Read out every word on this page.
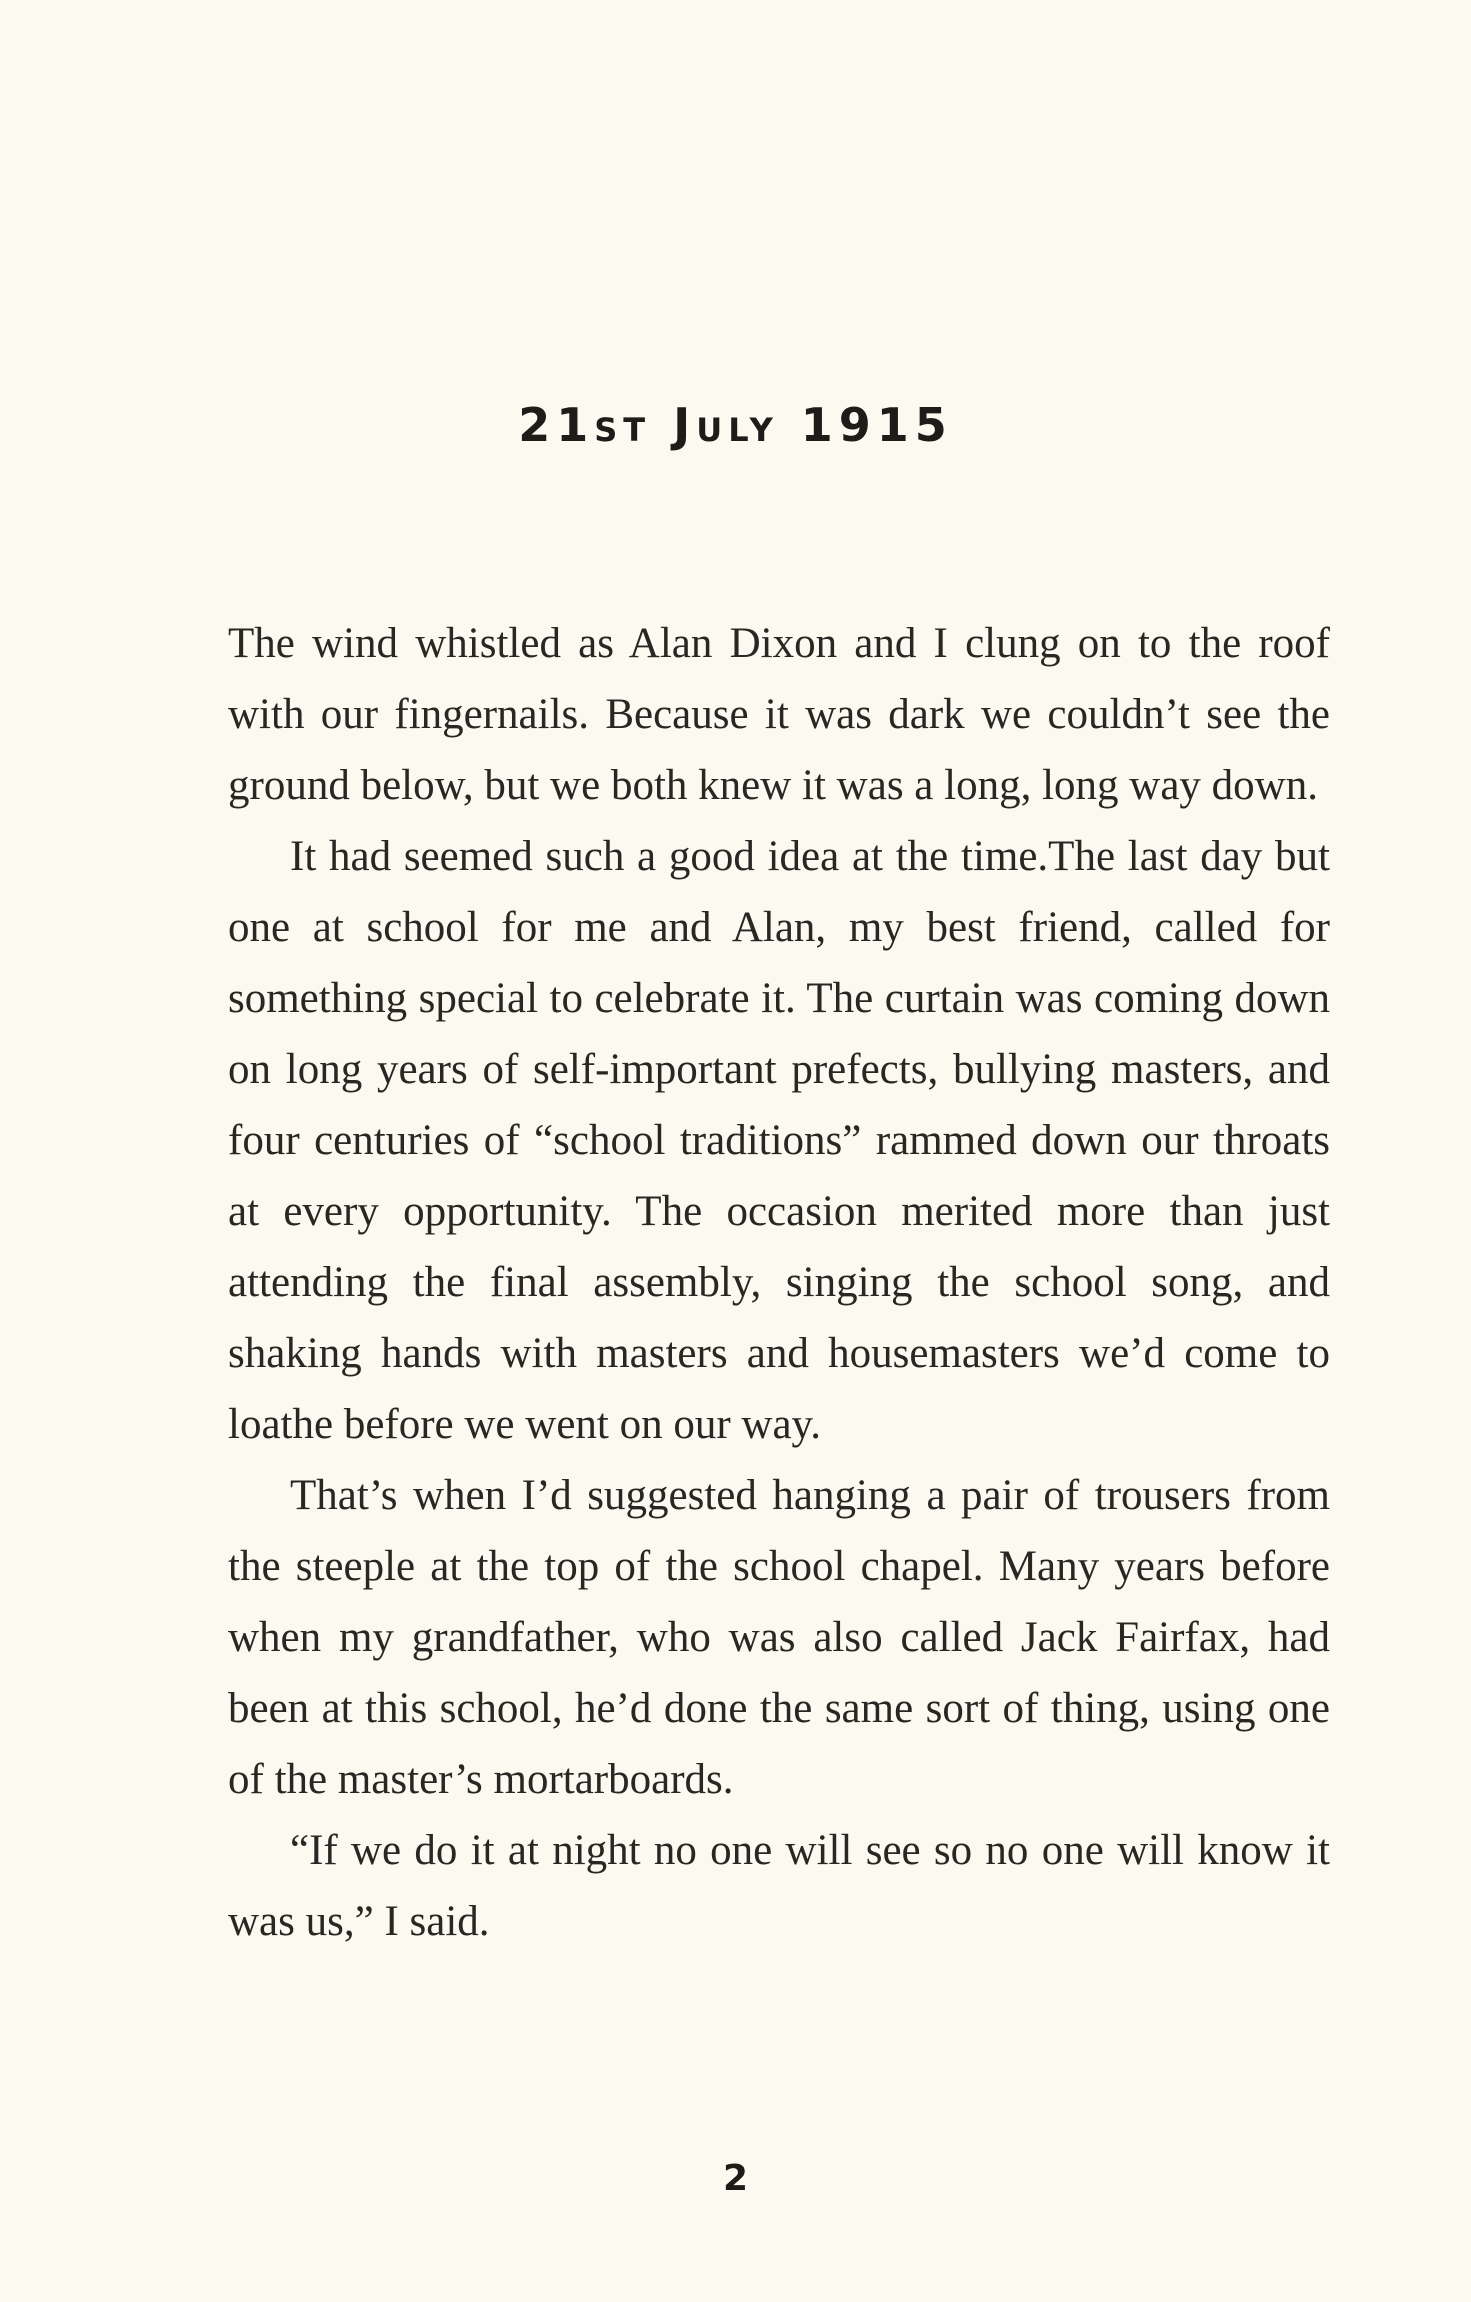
21st July 1915

The wind whistled as Alan Dixon and I clung on to the roof with our fingernails. Because it was dark we couldn’t see the ground below, but we both knew it was a long, long way down.

It had seemed such a good idea at the time.The last day but one at school for me and Alan, my best friend, called for something special to celebrate it. The curtain was coming down on long years of self-important prefects, bullying masters, and four centuries of “school traditions” rammed down our throats at every opportunity. The occasion merited more than just attending the final assembly, singing the school song, and shaking hands with masters and housemasters we’d come to loathe before we went on our way.

That’s when I’d suggested hanging a pair of trousers from the steeple at the top of the school chapel. Many years before when my grandfather, who was also called Jack Fairfax, had been at this school, he’d done the same sort of thing, using one of the master’s mortarboards.

“If we do it at night no one will see so no one will know it was us,” I said.

2
